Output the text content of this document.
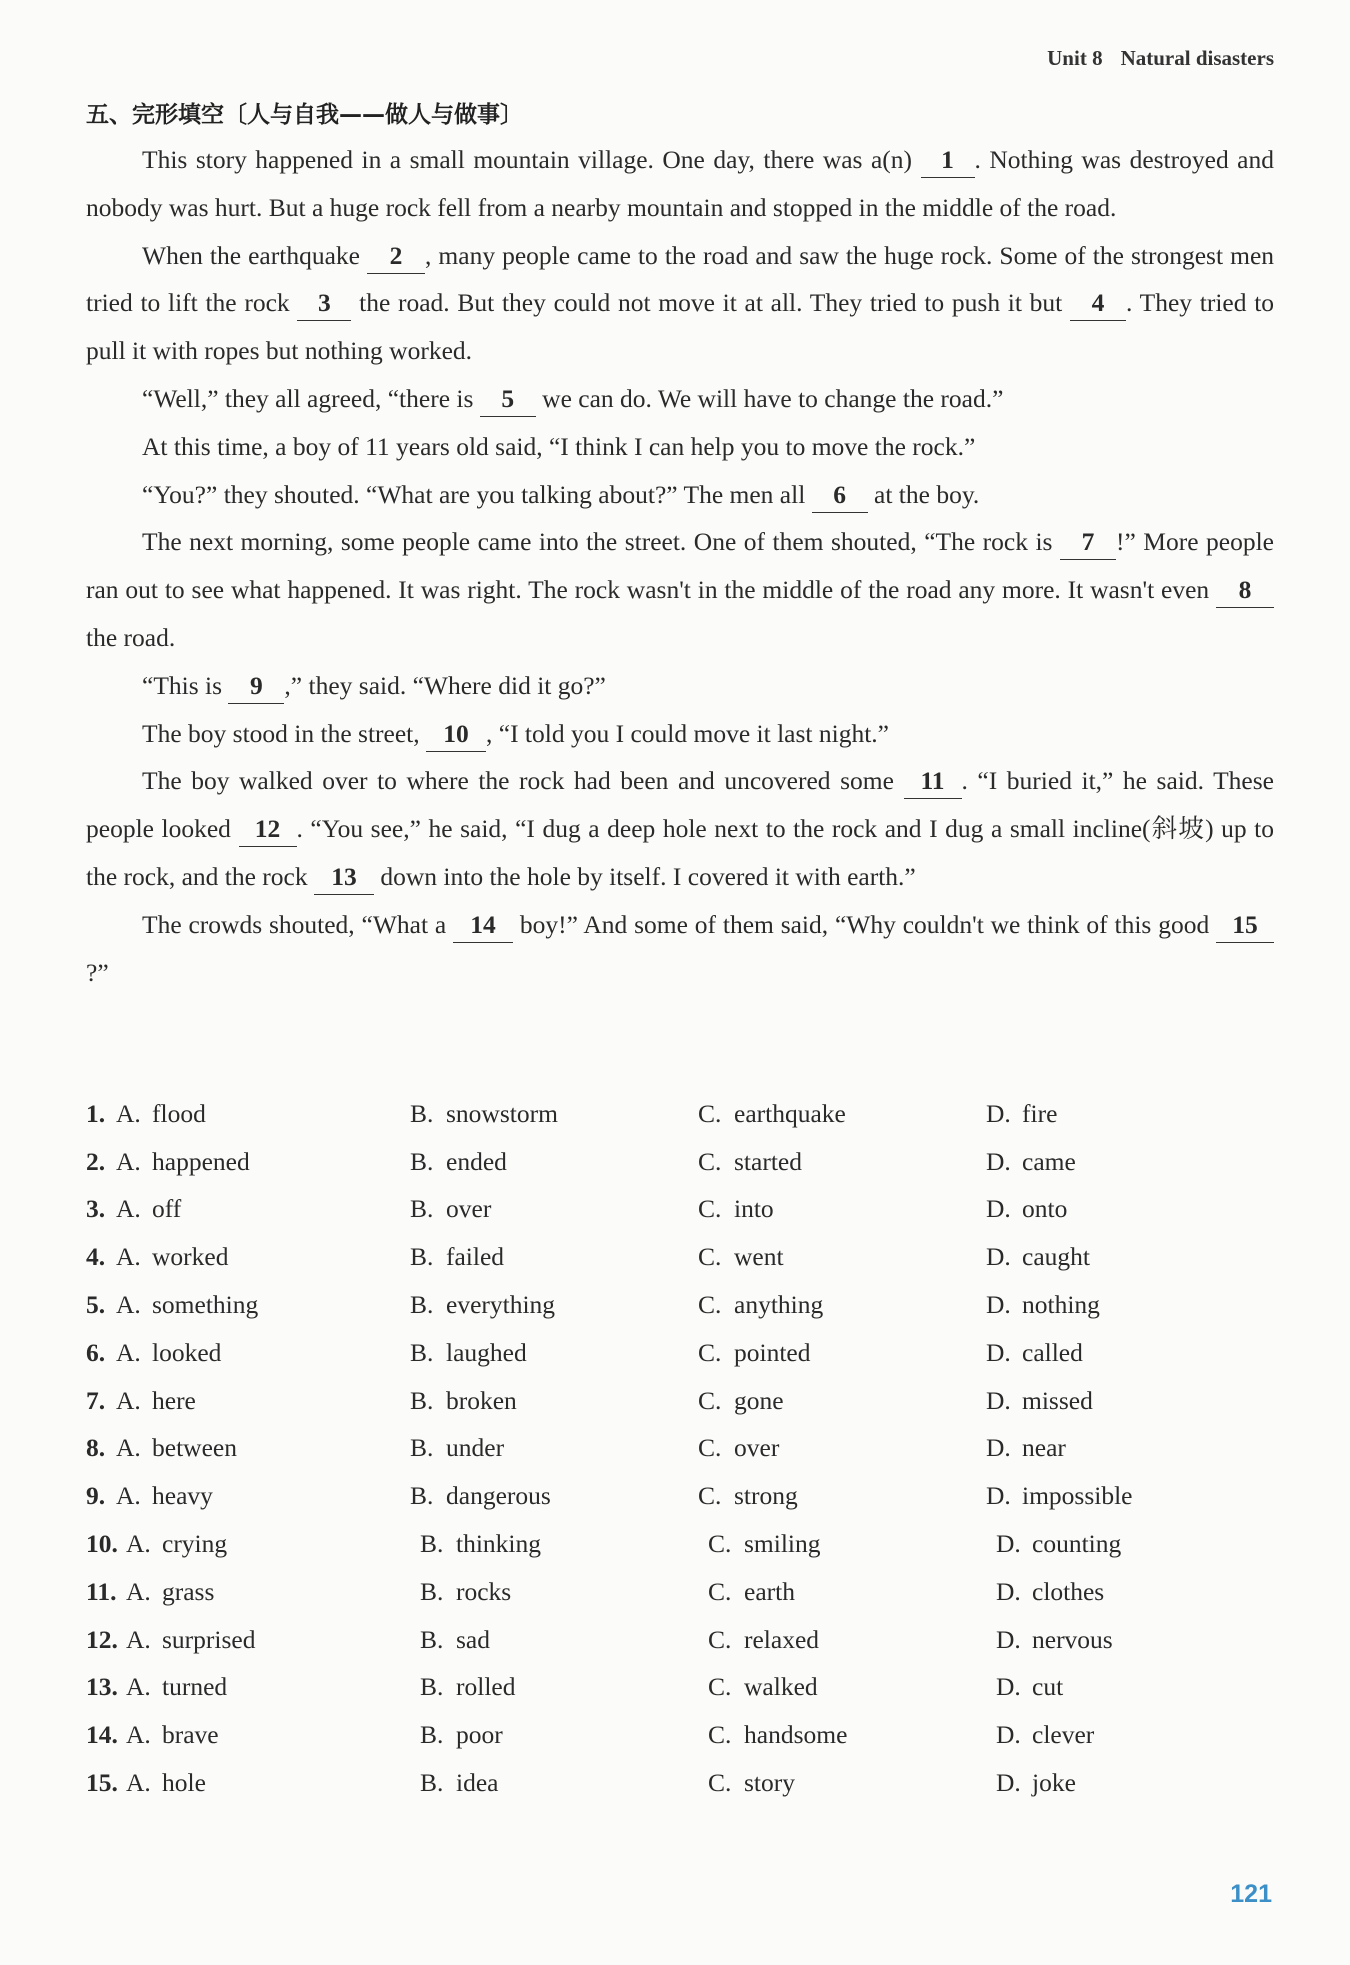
Unit 8 Natural disasters
五、完形填空〔人与自我——做人与做事〕

This story happened in a small mountain village. One day, there was a(n) 1 . Nothing was destroyed and nobody was hurt. But a huge rock fell from a nearby mountain and stopped in the middle of the road.

When the earthquake 2 , many people came to the road and saw the huge rock. Some of the strongest men tried to lift the rock 3 the road. But they could not move it at all. They tried to push it but 4 . They tried to pull it with ropes but nothing worked.

“Well,” they all agreed, “there is 5 we can do. We will have to change the road.”

At this time, a boy of 11 years old said, “I think I can help you to move the rock.”

“You?” they shouted. “What are you talking about?” The men all 6 at the boy.

The next morning, some people came into the street. One of them shouted, “The rock is 7 !” More people ran out to see what happened. It was right. The rock wasn't in the middle of the road any more. It wasn't even 8 the road.

“This is 9 ,” they said. “Where did it go?”

The boy stood in the street, 10 , “I told you I could move it last night.”

The boy walked over to where the rock had been and uncovered some 11 . “I buried it,” he said. These people looked 12 . “You see,” he said, “I dug a deep hole next to the rock and I dug a small incline(斜坡) up to the rock, and the rock 13 down into the hole by itself. I covered it with earth.”

The crowds shouted, “What a 14 boy!” And some of them said, “Why couldn't we think of this good 15?”

1. A. flood	B. snowstorm	C. earthquake	D. fire
2. A. happened	B. ended	C. started	D. came
3. A. off	B. over	C. into	D. onto
4. A. worked	B. failed	C. went	D. caught
5. A. something	B. everything	C. anything	D. nothing
6. A. looked	B. laughed	C. pointed	D. called
7. A. here	B. broken	C. gone	D. missed
8. A. between	B. under	C. over	D. near
9. A. heavy	B. dangerous	C. strong	D. impossible
10. A. crying	B. thinking	C. smiling	D. counting
11. A. grass	B. rocks	C. earth	D. clothes
12. A. surprised	B. sad	C. relaxed	D. nervous
13. A. turned	B. rolled	C. walked	D. cut
14. A. brave	B. poor	C. handsome	D. clever
15. A. hole	B. idea	C. story	D. joke
121
